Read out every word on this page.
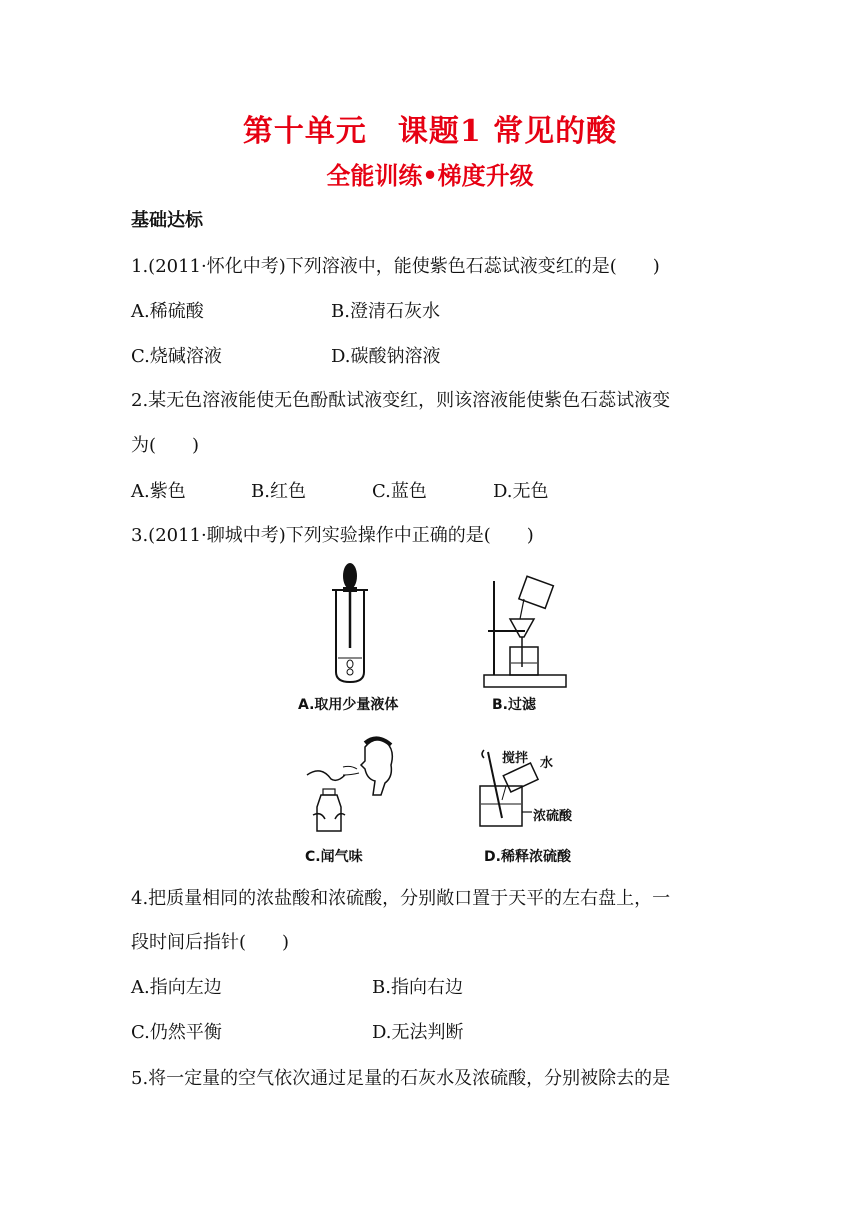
第十单元　课题1 常见的酸
全能训练•梯度升级
基础达标
1.(2011·怀化中考)下列溶液中，能使紫色石蕊试液变红的是( )
A.稀硫酸	B.澄清石灰水
C.烧碱溶液	D.碳酸钠溶液
2.某无色溶液能使无色酚酞试液变红，则该溶液能使紫色石蕊试液变
为( )
A.紫色	B.红色	C.蓝色	D.无色
3.(2011·聊城中考)下列实验操作中正确的是( )
A.取用少量液体	B.过滤
C.闻气味
搅拌 水
浓硫酸
D.稀释浓硫酸
4.把质量相同的浓盐酸和浓硫酸，分别敞口置于天平的左右盘上，一
段时间后指针( )
A.指向左边	B.指向右边
C.仍然平衡	D.无法判断
5.将一定量的空气依次通过足量的石灰水及浓硫酸，分别被除去的是
